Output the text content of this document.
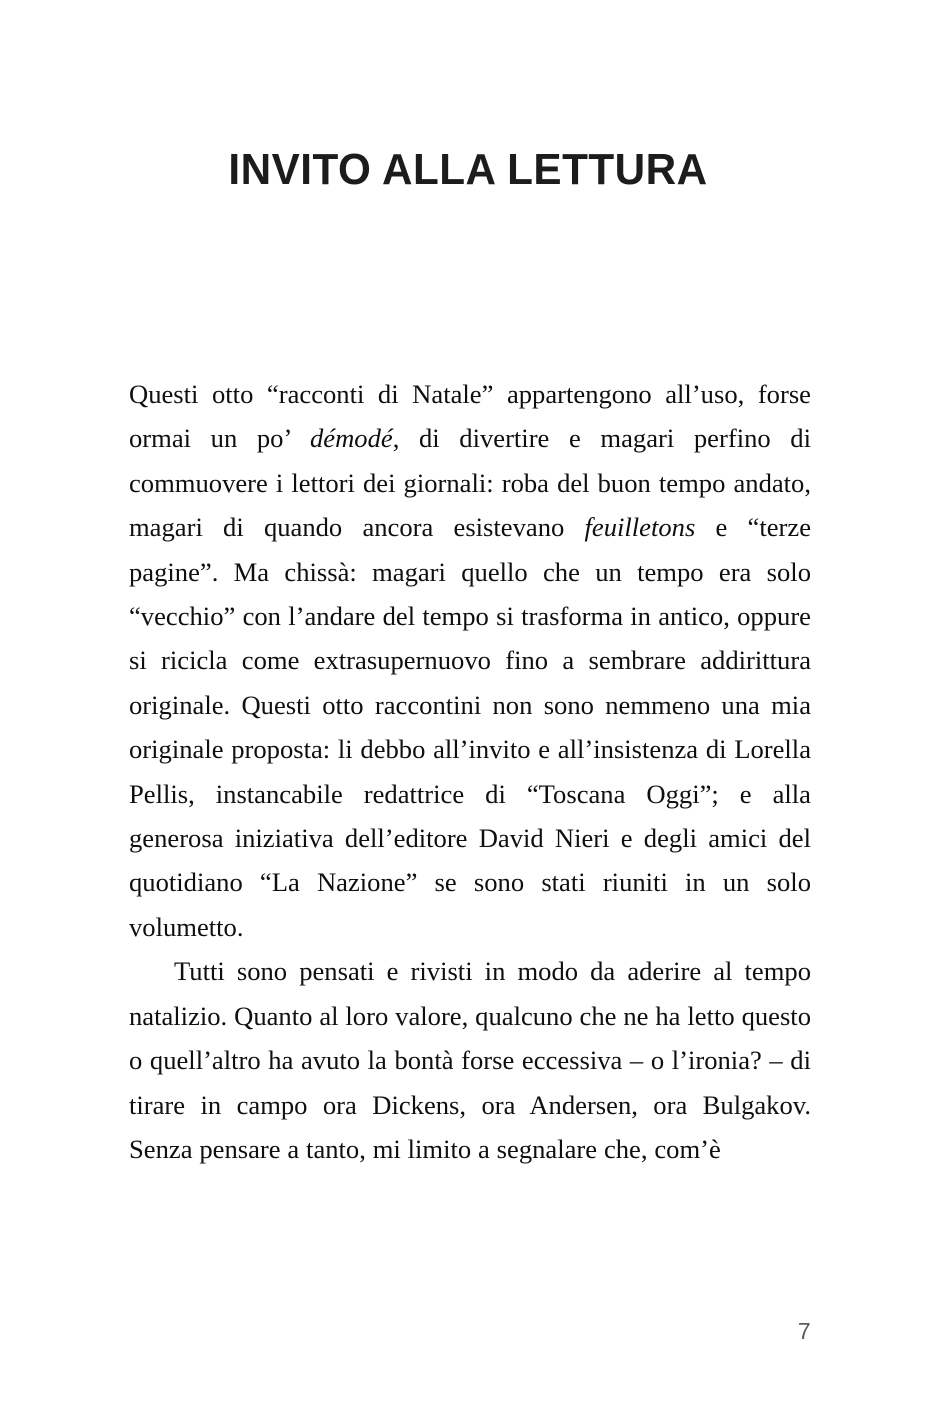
INVITO ALLA LETTURA

Questi otto “racconti di Natale” appartengono all’uso, forse ormai un po’ démodé, di divertire e magari perfino di commuovere i lettori dei giornali: roba del buon tempo andato, magari di quando ancora esistevano feuilletons e “terze pagine”. Ma chissà: magari quello che un tempo era solo “vecchio” con l’andare del tempo si trasforma in antico, oppure si ricicla come extrasupernuovo fino a sembrare addirittura originale. Questi otto raccontini non sono nemmeno una mia originale proposta: li debbo all’invito e all’insistenza di Lorella Pellis, instancabile redattrice di “Toscana Oggi”; e alla generosa iniziativa dell’editore David Nieri e degli amici del quotidiano “La Nazione” se sono stati riuniti in un solo volumetto.

Tutti sono pensati e rivisti in modo da aderire al tempo natalizio. Quanto al loro valore, qualcuno che ne ha letto questo o quell’altro ha avuto la bontà forse eccessiva – o l’ironia? – di tirare in campo ora Dickens, ora Andersen, ora Bulgakov. Senza pensare a tanto, mi limito a segnalare che, com’è

7
